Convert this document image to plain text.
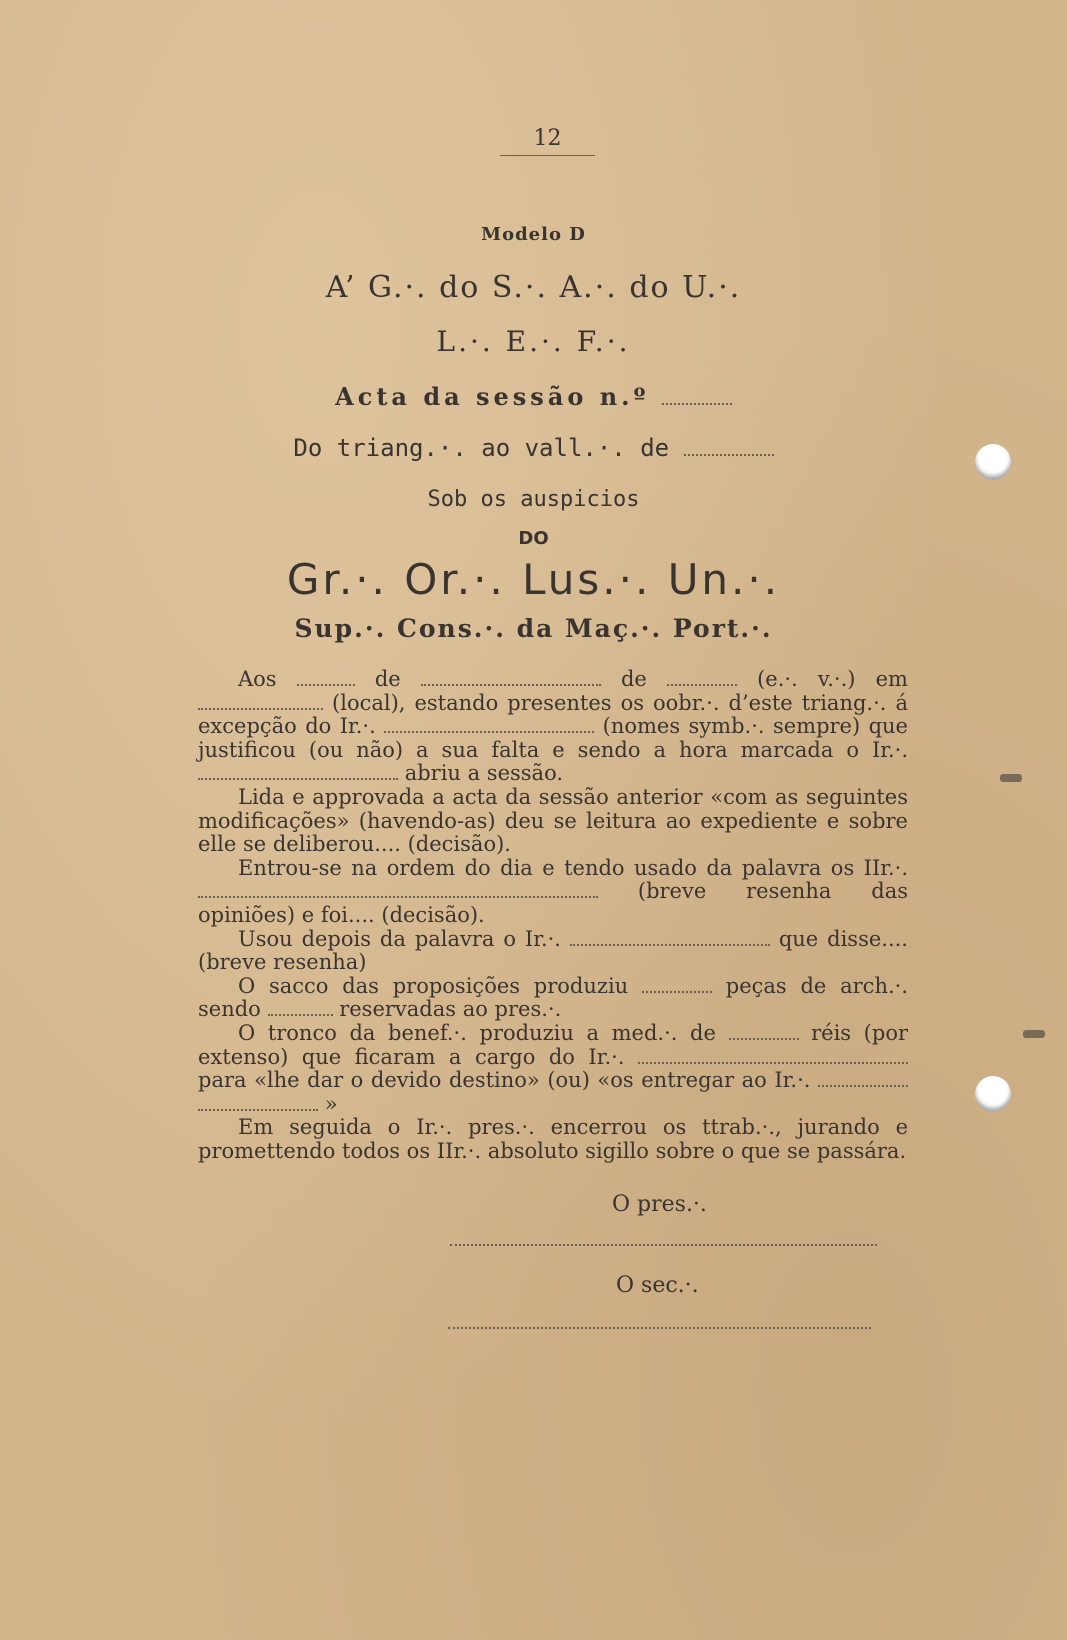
12
Modelo D
A’ G.·. do S.·. A.·. do U.·.
L.·. E.·. F.·.
Acta da sessão n.º
Do triang.·. ao vall.·. de
Sob os auspicios
DO
Gr.·. Or.·. Lus.·. Un.·.
Sup.·. Cons.·. da Maç.·. Port.·.

Aos	de	de	(e.·. v.·.) em  (local), estando presentes os oobr.·. d’este triang.·. á excepção do Ir.·.	(nomes symb.·. sempre) que justificou (ou não) a sua falta e sendo a hora marcada o Ir.·.  abriu a sessão.

Lida e approvada a acta da sessão anterior «com as seguintes modificações» (havendo-as) deu se leitura ao expediente e sobre elle se deliberou.... (decisão).

Entrou-se na ordem do dia e tendo usado da palavra os IIr.·.  (breve resenha das opiniões) e foi.... (decisão).

Usou depois da palavra o Ir.·.	que disse.... (breve resenha)

O sacco das proposições produziu	peças de arch.·. sendo	reservadas ao pres.·.

O tronco da benef.·. produziu a med.·. de	réis (por extenso) que ficaram a cargo do Ir.·.  para «lhe dar o devido destino» (ou) «os entregar ao Ir.·.   »

Em seguida o Ir.·. pres.·. encerrou os ttrab.·., jurando e promettendo todos os IIr.·. absoluto sigillo sobre o que se passára.

O pres.·.
O sec.·.
